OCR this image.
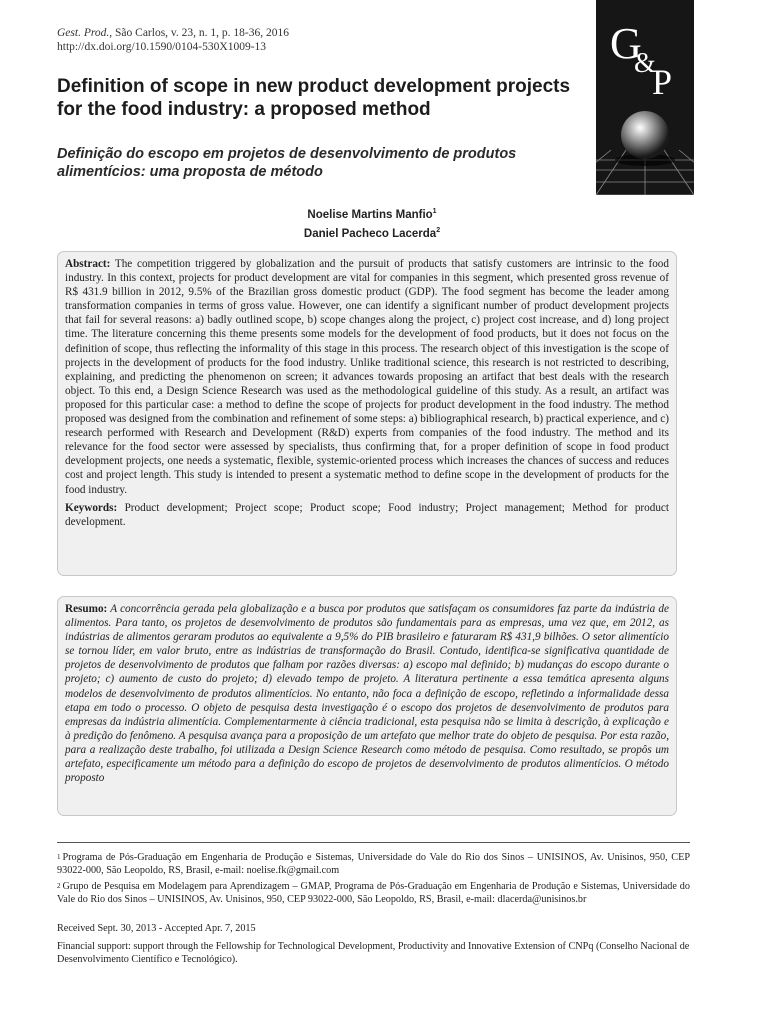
Gest. Prod., São Carlos, v. 23, n. 1, p. 18-36, 2016
http://dx.doi.org/10.1590/0104-530X1009-13	G
&
P
Definition of scope in new product development projects for the food industry: a proposed method
Definição do escopo em projetos de desenvolvimento de produtos alimentícios: uma proposta de método
Noelise Martins Manfio$^1$
Daniel Pacheco Lacerda$^2$

Abstract: The competition triggered by globalization and the pursuit of products that satisfy customers are intrinsic to the food industry. In this context, projects for product development are vital for companies in this segment, which presented gross revenue of R$ 431.9 billion in 2012, 9.5% of the Brazilian gross domestic product (GDP). The food segment has become the leader among transformation companies in terms of gross value. However, one can identify a significant number of product development projects that fail for several reasons: a) badly outlined scope, b) scope changes along the project, c) project cost increase, and d) long project time. The literature concerning this theme presents some models for the development of food products, but it does not focus on the definition of scope, thus reflecting the informality of this stage in this process. The research object of this investigation is the scope of projects in the development of products for the food industry. Unlike traditional science, this research is not restricted to describing, explaining, and predicting the phenomenon on screen; it advances towards proposing an artifact that best deals with the research object. To this end, a Design Science Research was used as the methodological guideline of this study. As a result, an artifact was proposed for this particular case: a method to define the scope of projects for product development in the food industry. The method proposed was designed from the combination and refinement of some steps: a) bibliographical research, b) practical experience, and c) research performed with Research and Development (R&D) experts from companies of the food industry. The method and its relevance for the food sector were assessed by specialists, thus confirming that, for a proper definition of scope in food product development projects, one needs a systematic, flexible, systemic-oriented process which increases the chances of success and reduces cost and project length. This study is intended to present a systematic method to define scope in the development of products for the food industry.

Keywords: Product development; Project scope; Product scope; Food industry; Project management; Method for product development.

Resumo: A concorrência gerada pela globalização e a busca por produtos que satisfaçam os consumidores faz parte da indústria de alimentos. Para tanto, os projetos de desenvolvimento de produtos são fundamentais para as empresas, uma vez que, em 2012, as indústrias de alimentos geraram produtos ao equivalente a 9,5% do PIB brasileiro e faturaram R$ 431,9 bilhões. O setor alimentício se tornou líder, em valor bruto, entre as indústrias de transformação do Brasil. Contudo, identifica-se significativa quantidade de projetos de desenvolvimento de produtos que falham por razões diversas: a) escopo mal definido; b) mudanças do escopo durante o projeto; c) aumento de custo do projeto; d) elevado tempo de projeto. A literatura pertinente a essa temática apresenta alguns modelos de desenvolvimento de produtos alimentícios. No entanto, não foca a definição de escopo, refletindo a informalidade dessa etapa em todo o processo. O objeto de pesquisa desta investigação é o escopo dos projetos de desenvolvimento de produtos para empresas da indústria alimentícia. Complementarmente à ciência tradicional, esta pesquisa não se limita à descrição, à explicação e à predição do fenômeno. A pesquisa avança para a proposição de um artefato que melhor trate do objeto de pesquisa. Por esta razão, para a realização deste trabalho, foi utilizada a Design Science Research como método de pesquisa. Como resultado, se propôs um artefato, especificamente um método para a definição do escopo de projetos de desenvolvimento de produtos alimentícios. O método proposto

$^1$ Programa de Pós-Graduação em Engenharia de Produção e Sistemas, Universidade do Vale do Rio dos Sinos – UNISINOS, Av. Unisinos, 950, CEP 93022-000, São Leopoldo, RS, Brasil, e-mail: noelise.fk@gmail.com
$^2$ Grupo de Pesquisa em Modelagem para Aprendizagem – GMAP, Programa de Pós-Graduação em Engenharia de Produção e Sistemas, Universidade do Vale do Rio dos Sinos – UNISINOS, Av. Unisinos, 950, CEP 93022-000, São Leopoldo, RS, Brasil, e-mail: dlacerda@unisinos.br
Received Sept. 30, 2013 - Accepted Apr. 7, 2015
Financial support: support through the Fellowship for Technological Development, Productivity and Innovative Extension of CNPq (Conselho Nacional de Desenvolvimento Científico e Tecnológico).
